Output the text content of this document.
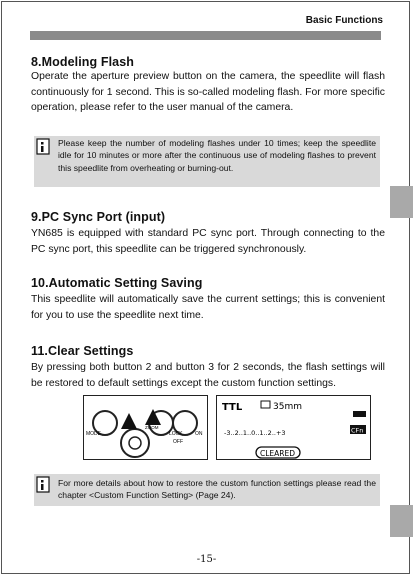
Basic Functions
8.Modeling Flash
Operate the aperture preview button on the camera, the speedlite will flash continuously for 1 second. This is so-called modeling flash. For more specific operation, please refer to the user manual of the camera.
Please keep the number of modeling flashes under 10 times; keep the speedlite idle for 10 minutes or more after the continuous use of modeling flashes to prevent this speedlite from overheating or burning-out.
9.PC Sync Port (input)
YN685 is equipped with standard PC sync port. Through connecting to the PC sync port, this speedlite can be triggered synchronously.
10.Automatic Setting Saving
This speedlite will automatically save the current settings; this is convenient for you to use the speedlite next time.
11.Clear Settings
By pressing both button 2 and button 3 for 2 seconds, the flash settings will be restored to default settings except the custom function settings.
MODE
ZOOM
LOCK ON
OFF
TTL	35mm
-3..2..1..0..1..2..+3	CFn
CLEARED
For more details about how to restore the custom function settings please read the chapter <Custom Function Setting> (Page 24).
-15-
